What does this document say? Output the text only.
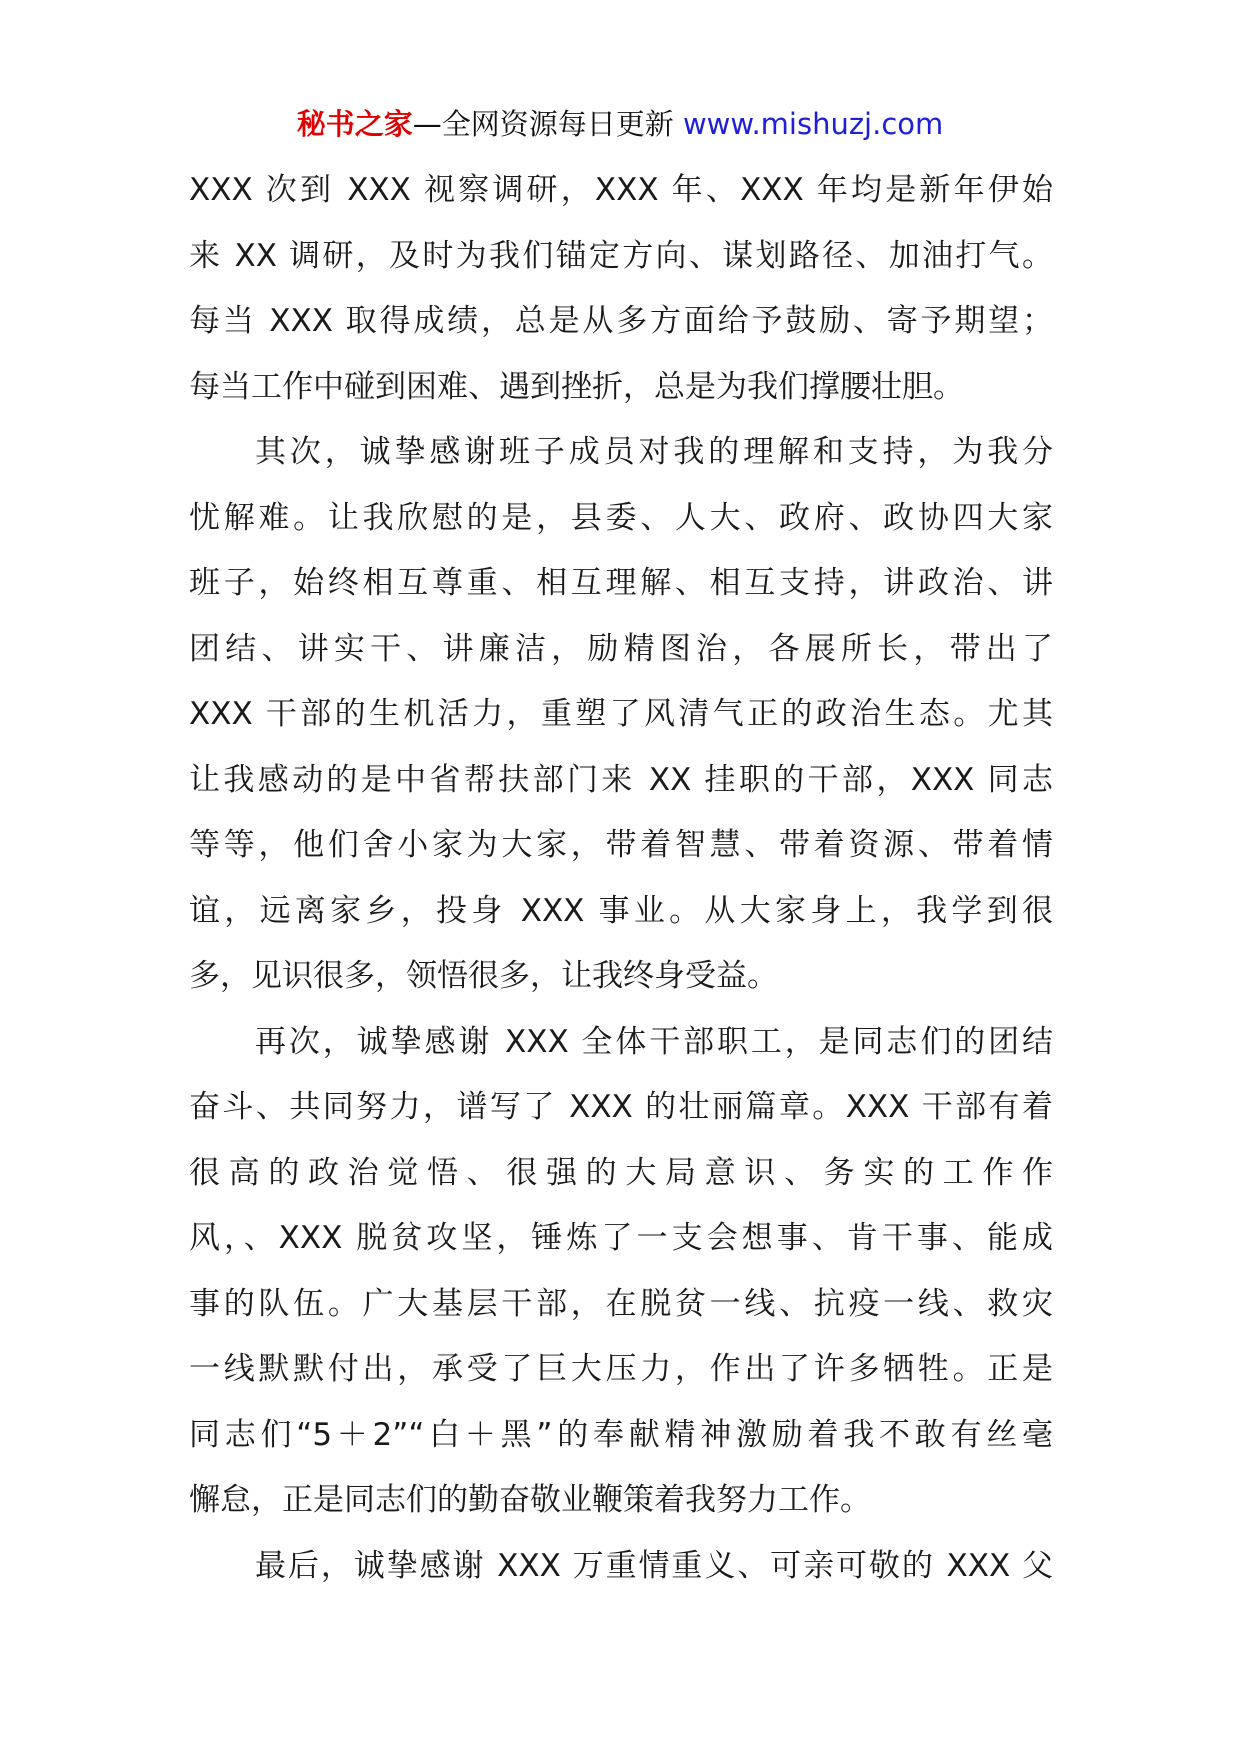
秘书之家—全网资源每日更新 www.mishuzj.com
XXX 次到 XXX 视察调研，XXX 年、XXX 年均是新年伊始
来 XX 调研，及时为我们锚定方向、谋划路径、加油打气。
每当 XXX 取得成绩，总是从多方面给予鼓励、寄予期望；
每当工作中碰到困难、遇到挫折，总是为我们撑腰壮胆。
其次，诚挚感谢班子成员对我的理解和支持，为我分
忧解难。让我欣慰的是，县委、人大、政府、政协四大家
班子，始终相互尊重、相互理解、相互支持，讲政治、讲
团结、讲实干、讲廉洁，励精图治，各展所长，带出了
XXX 干部的生机活力，重塑了风清气正的政治生态。尤其
让我感动的是中省帮扶部门来 XX 挂职的干部，XXX 同志
等等，他们舍小家为大家，带着智慧、带着资源、带着情
谊，远离家乡，投身 XXX 事业。从大家身上，我学到很
多，见识很多，领悟很多，让我终身受益。
再次，诚挚感谢 XXX 全体干部职工，是同志们的团结
奋斗、共同努力，谱写了 XXX 的壮丽篇章。XXX 干部有着
很高的政治觉悟、很强的大局意识、务实的工作作
风，、XXX 脱贫攻坚，锤炼了一支会想事、肯干事、能成
事的队伍。广大基层干部，在脱贫一线、抗疫一线、救灾
一线默默付出，承受了巨大压力，作出了许多牺牲。正是
同志们“5＋2”“白＋黑”的奉献精神激励着我不敢有丝毫
懈怠，正是同志们的勤奋敬业鞭策着我努力工作。
最后，诚挚感谢 XXX 万重情重义、可亲可敬的 XXX 父
